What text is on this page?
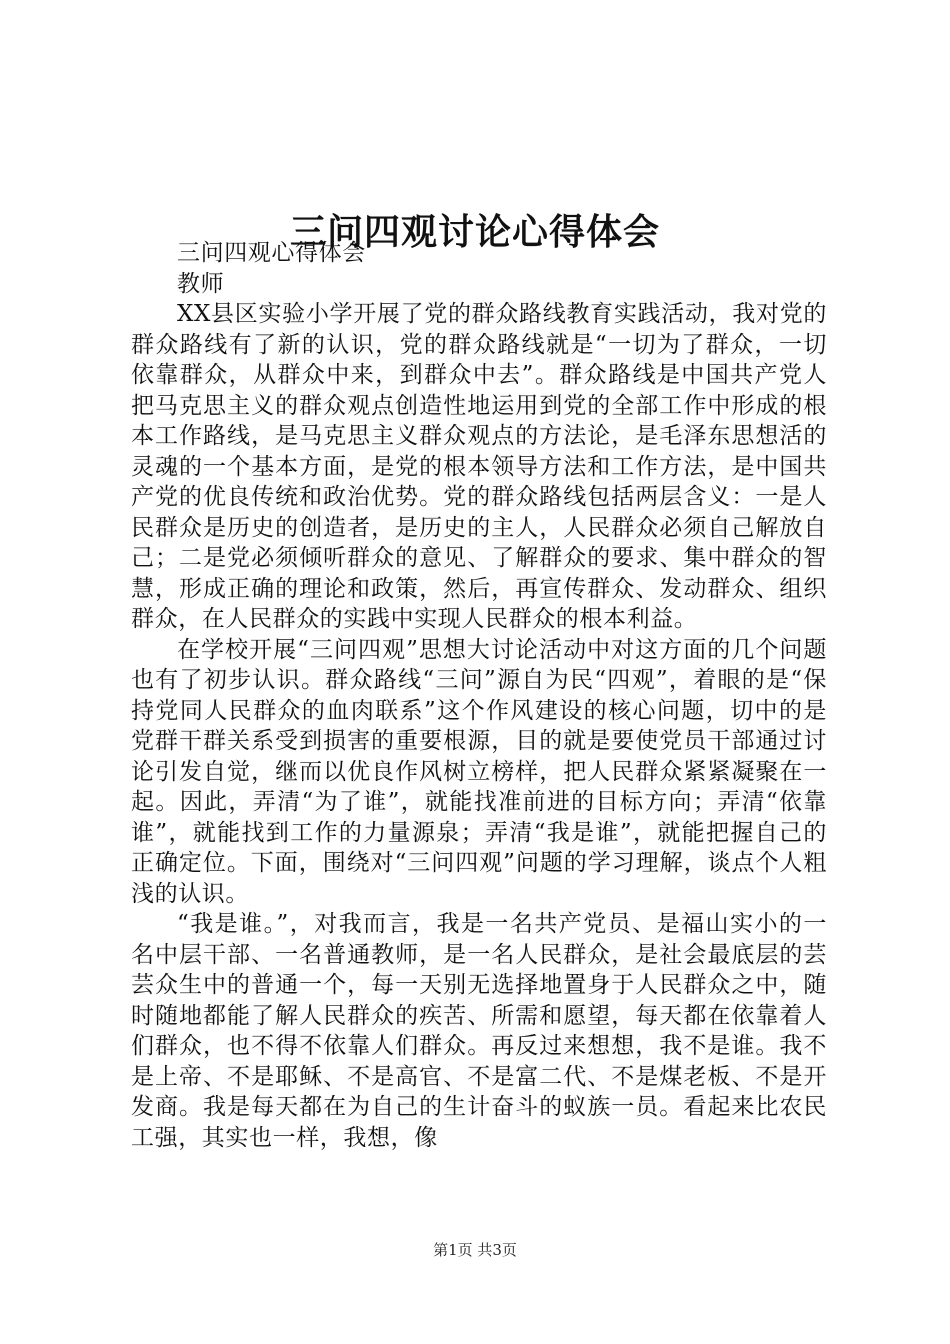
三问四观讨论心得体会

三问四观心得体会

教师

XX县区实验小学开展了党的群众路线教育实践活动，我对党的群众路线有了新的认识，党的群众路线就是“一切为了群众，一切依靠群众，从群众中来，到群众中去”。群众路线是中国共产党人把马克思主义的群众观点创造性地运用到党的全部工作中形成的根本工作路线，是马克思主义群众观点的方法论，是毛泽东思想活的灵魂的一个基本方面，是党的根本领导方法和工作方法，是中国共产党的优良传统和政治优势。党的群众路线包括两层含义：一是人民群众是历史的创造者，是历史的主人，人民群众必须自己解放自己；二是党必须倾听群众的意见、了解群众的要求、集中群众的智慧，形成正确的理论和政策，然后，再宣传群众、发动群众、组织群众，在人民群众的实践中实现人民群众的根本利益。

在学校开展“三问四观”思想大讨论活动中对这方面的几个问题也有了初步认识。群众路线“三问”源自为民“四观”，着眼的是“保持党同人民群众的血肉联系”这个作风建设的核心问题，切中的是党群干群关系受到损害的重要根源，目的就是要使党员干部通过讨论引发自觉，继而以优良作风树立榜样，把人民群众紧紧凝聚在一起。因此，弄清“为了谁”，就能找准前进的目标方向；弄清“依靠谁”，就能找到工作的力量源泉；弄清“我是谁”，就能把握自己的正确定位。下面，围绕对“三问四观”问题的学习理解，谈点个人粗浅的认识。

“我是谁。”，对我而言，我是一名共产党员、是福山实小的一名中层干部、一名普通教师，是一名人民群众，是社会最底层的芸芸众生中的普通一个，每一天别无选择地置身于人民群众之中，随时随地都能了解人民群众的疾苦、所需和愿望，每天都在依靠着人们群众，也不得不依靠人们群众。再反过来想想，我不是谁。我不是上帝、不是耶稣、不是高官、不是富二代、不是煤老板、不是开发商。我是每天都在为自己的生计奋斗的蚁族一员。看起来比农民工强，其实也一样，我想，像

第1页 共3页
